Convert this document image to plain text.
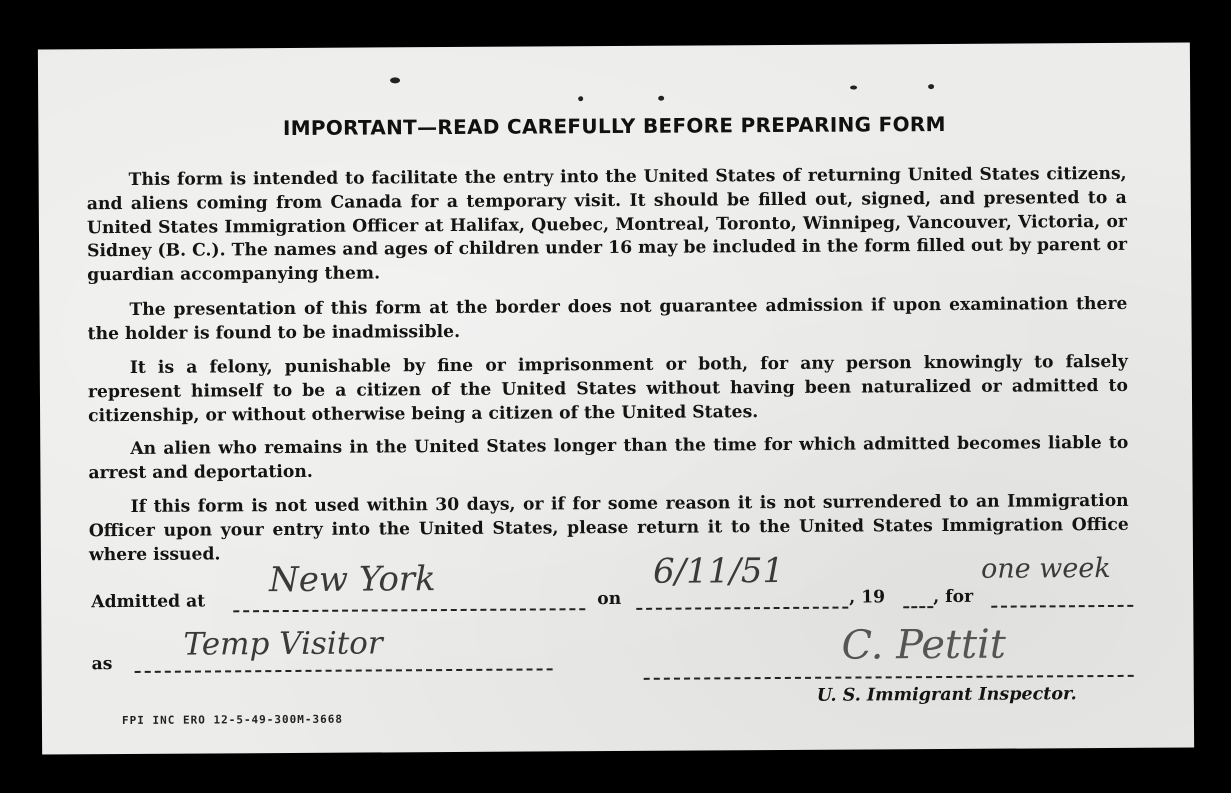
IMPORTANT—READ CAREFULLY BEFORE PREPARING FORM
This form is intended to facilitate the entry into the United States of returning United States citizens, and aliens coming from Canada for a temporary visit. It should be filled out, signed, and presented to a United States Immigration Officer at Halifax, Quebec, Montreal, Toronto, Winnipeg, Vancouver, Victoria, or Sidney (B. C.). The names and ages of children under 16 may be included in the form filled out by parent or guardian accompanying them.
The presentation of this form at the border does not guarantee admission if upon examination there the holder is found to be inadmissible.
It is a felony, punishable by fine or imprisonment or both, for any person knowingly to falsely represent himself to be a citizen of the United States without having been naturalized or admitted to citizenship, or without otherwise being a citizen of the United States.
An alien who remains in the United States longer than the time for which admitted becomes liable to arrest and deportation.
If this form is not used within 30 days, or if for some reason it is not surrendered to an Immigration Officer upon your entry into the United States, please return it to the United States Immigration Office where issued.
Admitted at
New York	on
6/11/51
, 19	, for
one week
as
Temp Visitor	C. Pettit
U. S. Immigrant Inspector.
FPI INC ERO 12-5-49-300M-3668
